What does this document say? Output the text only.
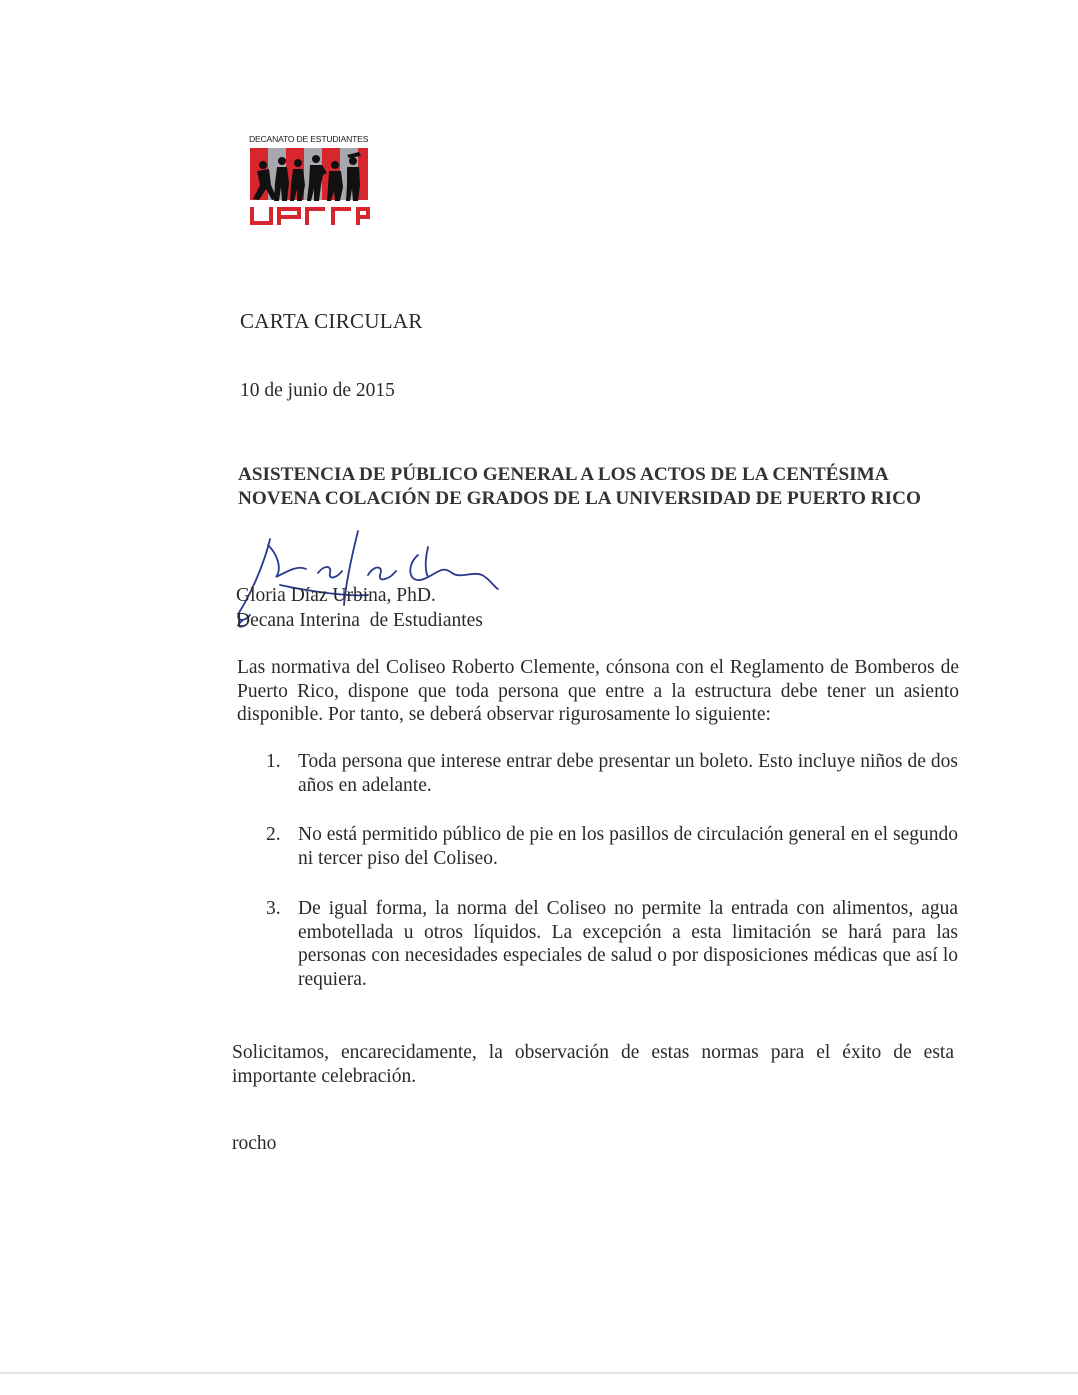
DECANATO DE ESTUDIANTES
CARTA CIRCULAR
10 de junio de 2015
ASISTENCIA DE PÚBLICO GENERAL A LOS ACTOS DE LA CENTÉSIMA NOVENA COLACIÓN DE GRADOS DE LA UNIVERSIDAD DE PUERTO RICO
Gloria Díaz Urbina, PhD.
Decana Interina  de Estudiantes
Las normativa del Coliseo Roberto Clemente, cónsona con el Reglamento de Bomberos de Puerto Rico, dispone que toda persona que entre a la estructura debe tener un asiento disponible. Por tanto, se deberá observar rigurosamente lo siguiente:
1. Toda persona que interese entrar debe presentar un boleto. Esto incluye niños de dos años en adelante.
2. No está permitido público de pie en los pasillos de circulación general en el segundo ni tercer piso del Coliseo.
3. De igual forma, la norma del Coliseo no permite la entrada con alimentos, agua embotellada u otros líquidos. La excepción a esta limitación se hará para las personas con necesidades especiales de salud o por disposiciones médicas que así lo requiera.
Solicitamos, encarecidamente, la observación de estas normas para el éxito de esta importante celebración.
rocho
